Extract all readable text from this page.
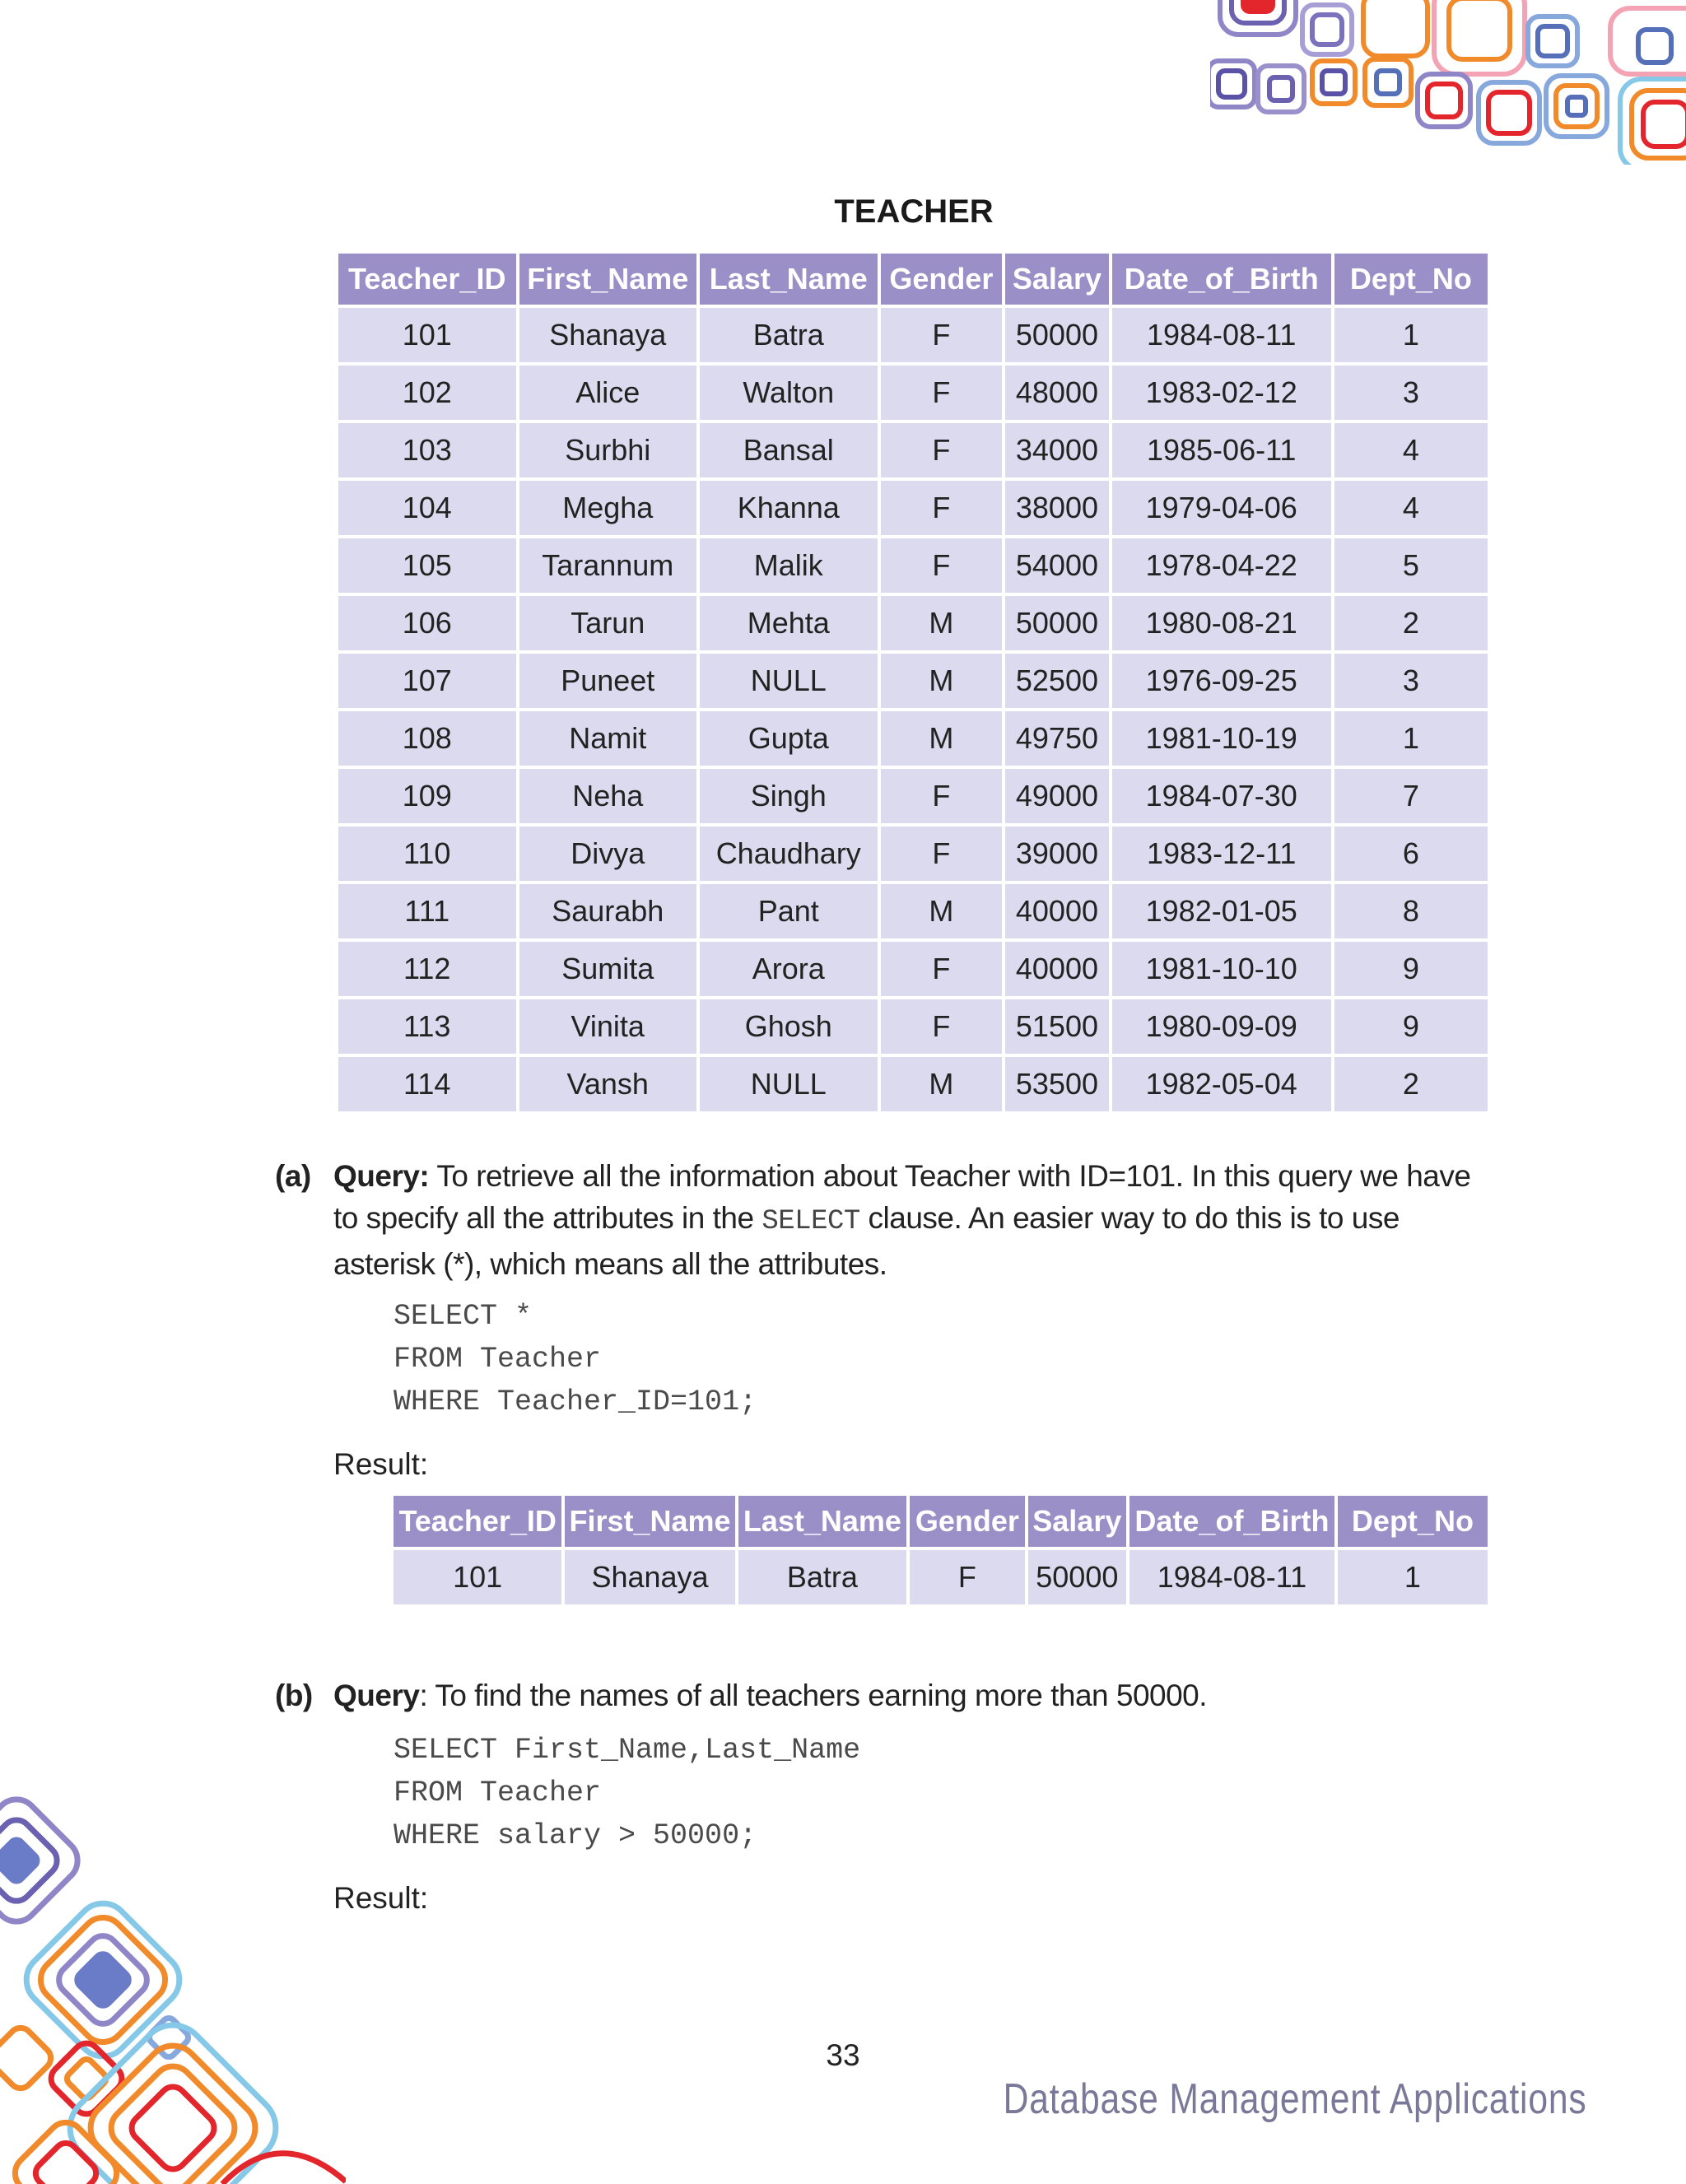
TEACHER
Teacher_ID	First_Name	Last_Name	Gender	Salary	Date_of_Birth	Dept_No
101	Shanaya	Batra	F	50000	1984-08-11	1
102	Alice	Walton	F	48000	1983-02-12	3
103	Surbhi	Bansal	F	34000	1985-06-11	4
104	Megha	Khanna	F	38000	1979-04-06	4
105	Tarannum	Malik	F	54000	1978-04-22	5
106	Tarun	Mehta	M	50000	1980-08-21	2
107	Puneet	NULL	M	52500	1976-09-25	3
108	Namit	Gupta	M	49750	1981-10-19	1
109	Neha	Singh	F	49000	1984-07-30	7
110	Divya	Chaudhary	F	39000	1983-12-11	6
111	Saurabh	Pant	M	40000	1982-01-05	8
112	Sumita	Arora	F	40000	1981-10-10	9
113	Vinita	Ghosh	F	51500	1980-09-09	9
114	Vansh	NULL	M	53500	1982-05-04	2
(a) Query: To retrieve all the information about Teacher with ID=101. In this query we have to specify all the attributes in the SELECT clause. An easier way to do this is to use asterisk (*), which means all the attributes.
SELECT *
FROM Teacher
WHERE Teacher_ID=101;
Result:
Teacher_ID	First_Name	Last_Name	Gender	Salary	Date_of_Birth	Dept_No
101	Shanaya	Batra	F	50000	1984-08-11	1
(b) Query: To find the names of all teachers earning more than 50000.
SELECT First_Name,Last_Name
FROM Teacher
WHERE salary > 50000;
Result:
33
Database Management Applications
